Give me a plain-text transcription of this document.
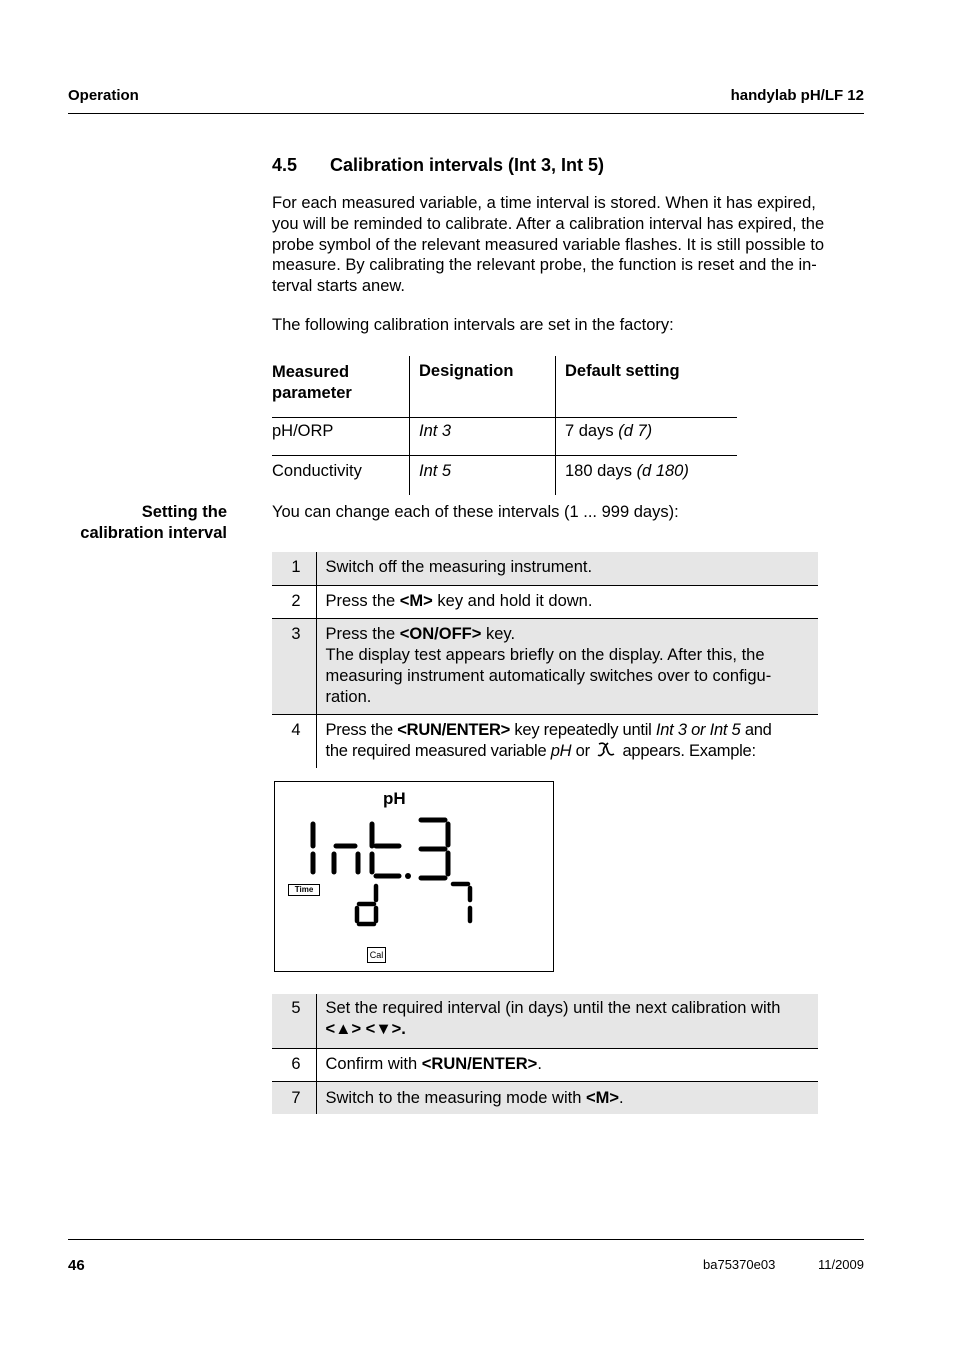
Operation	handylab pH/LF 12
4.5 Calibration intervals (Int 3, Int 5)
For each measured variable, a time interval is stored. When it has expired,
you will be reminded to calibrate. After a calibration interval has expired, the
probe symbol of the relevant measured variable flashes. It is still possible to
measure. By calibrating the relevant probe, the function is reset and the in-
terval starts anew.
The following calibration intervals are set in the factory:
Measured
parameter	Designation	Default setting
pH/ORP	Int 3	7 days (d 7)
Conductivity	Int 5	180 days (d 180)
Setting the
calibration interval
You can change each of these intervals (1 ... 999 days):
1	Switch off the measuring instrument.
2	Press the <M> key and hold it down.
3	Press the <ON/OFF> key.
The display test appears briefly on the display. After this, the
measuring instrument automatically switches over to configu-
ration.

4	Press the <RUN/ENTER> key repeatedly until Int 3 or Int 5 and
the required measured variable pH or  appears. Example:
pH
Time
Cal
5	Set the required interval (in days) until the next calibration with
<▲> <▼>.

6	Confirm with <RUN/ENTER>.
7	Switch to the measuring mode with <M>.
46	ba75370e03	11/2009
